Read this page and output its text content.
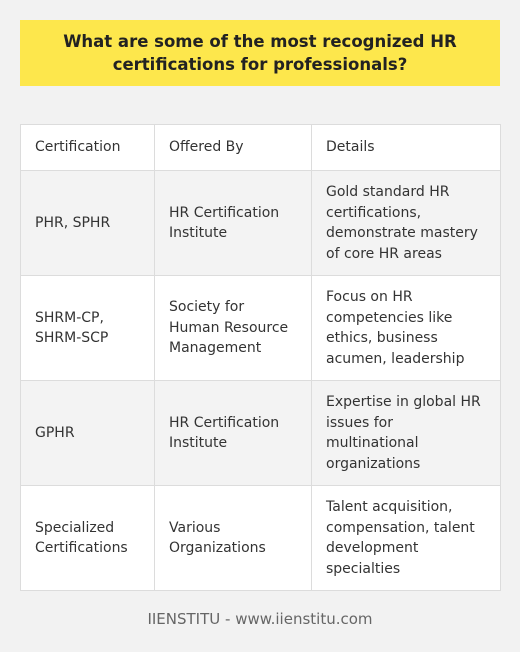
What are some of the most recognized HR certifications for professionals?
Certification	Offered By	Details
PHR, SPHR	HR Certification Institute	Gold standard HR certifications, demonstrate mastery of core HR areas
SHRM-CP, SHRM-SCP	Society for Human Resource Management	Focus on HR competencies like ethics, business acumen, leadership
GPHR	HR Certification Institute	Expertise in global HR issues for multinational organizations
Specialized Certifications	Various Organizations	Talent acquisition, compensation, talent development specialties
IIENSTITU - www.iienstitu.com
